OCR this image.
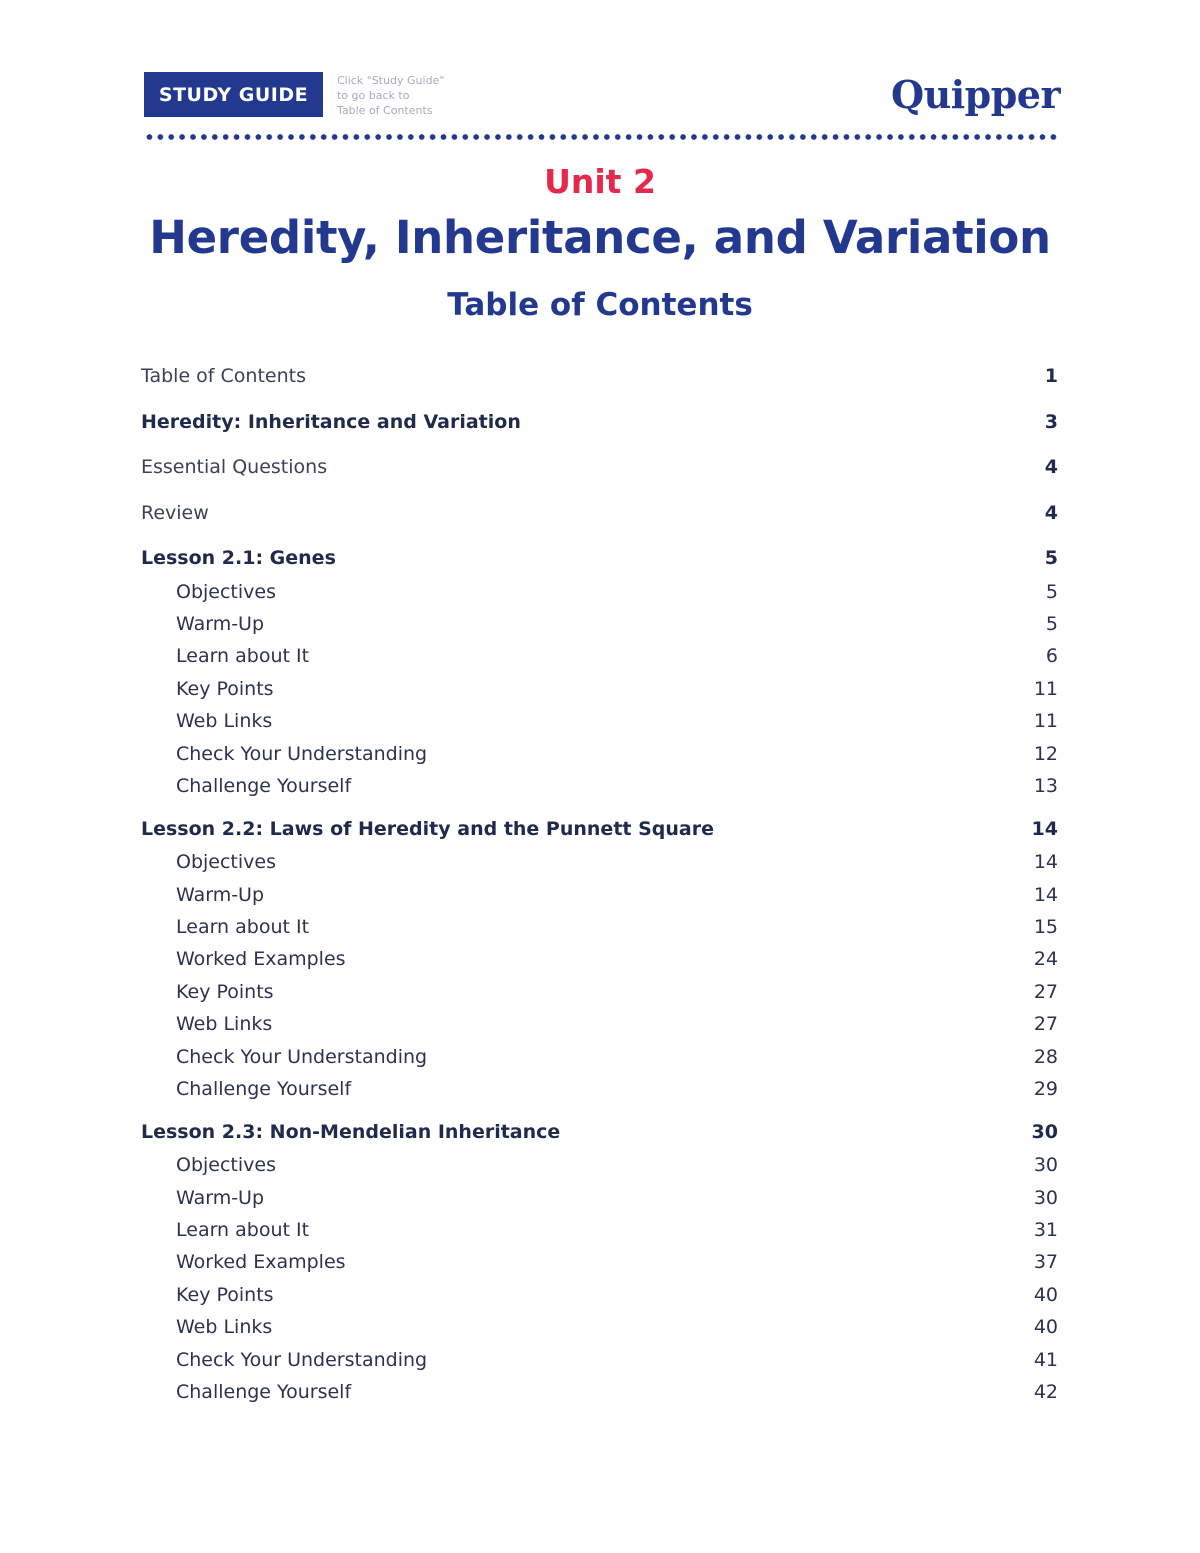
STUDY GUIDE
Click "Study Guide"
to go back to
Table of Contents	Quipper
Unit 2
Heredity, Inheritance, and Variation
Table of Contents
Table of Contents	1
Heredity: Inheritance and Variation	3
Essential Questions	4
Review	4
Lesson 2.1: Genes	5
Objectives	5
Warm-Up	5
Learn about It	6
Key Points	11
Web Links	11
Check Your Understanding	12
Challenge Yourself	13
Lesson 2.2: Laws of Heredity and the Punnett Square	14
Objectives	14
Warm-Up	14
Learn about It	15
Worked Examples	24
Key Points	27
Web Links	27
Check Your Understanding	28
Challenge Yourself	29
Lesson 2.3: Non-Mendelian Inheritance	30
Objectives	30
Warm-Up	30
Learn about It	31
Worked Examples	37
Key Points	40
Web Links	40
Check Your Understanding	41
Challenge Yourself	42
